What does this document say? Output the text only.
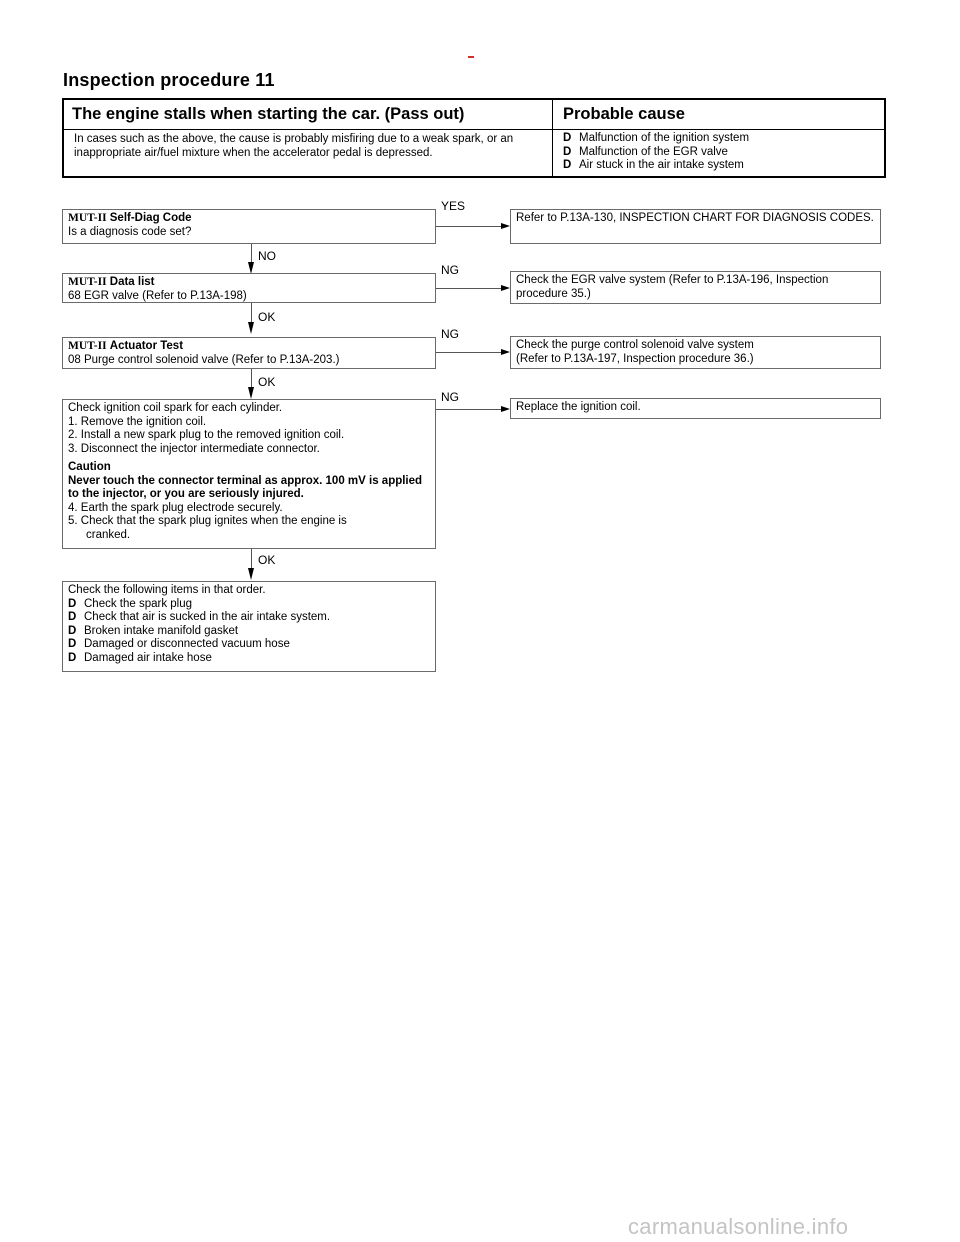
Inspection procedure 11
The engine stalls when starting the car. (Pass out)	Probable cause
In cases such as the above, the cause is probably misfiring due to a weak spark, or an inappropriate air/fuel mixture when the accelerator pedal is depressed.
D Malfunction of the ignition system
D Malfunction of the EGR valve
D Air stuck in the air intake system
MUT-II Self-Diag Code
Is a diagnosis code set?
YES
Refer to P.13A-130, INSPECTION CHART FOR DIAGNOSIS CODES.
NO
MUT-II Data list
68 EGR valve (Refer to P.13A-198)
NG
Check the EGR valve system (Refer to P.13A-196, Inspection procedure 35.)
OK
MUT-II Actuator Test
08 Purge control solenoid valve (Refer to P.13A-203.)
NG
Check the purge control solenoid valve system
(Refer to P.13A-197, Inspection procedure 36.)
OK
Check ignition coil spark for each cylinder.
1. Remove the ignition coil.
2. Install a new spark plug to the removed ignition coil.
3. Disconnect the injector intermediate connector.
Caution
Never touch the connector terminal as approx. 100 mV is applied to the injector, or you are seriously injured.
4. Earth the spark plug electrode securely.
5. Check that the spark plug ignites when the engine is
cranked.
NG
Replace the ignition coil.
OK
Check the following items in that order.
D Check the spark plug
D Check that air is sucked in the air intake system.
D Broken intake manifold gasket
D Damaged or disconnected vacuum hose
D Damaged air intake hose
carmanualsonline.info
